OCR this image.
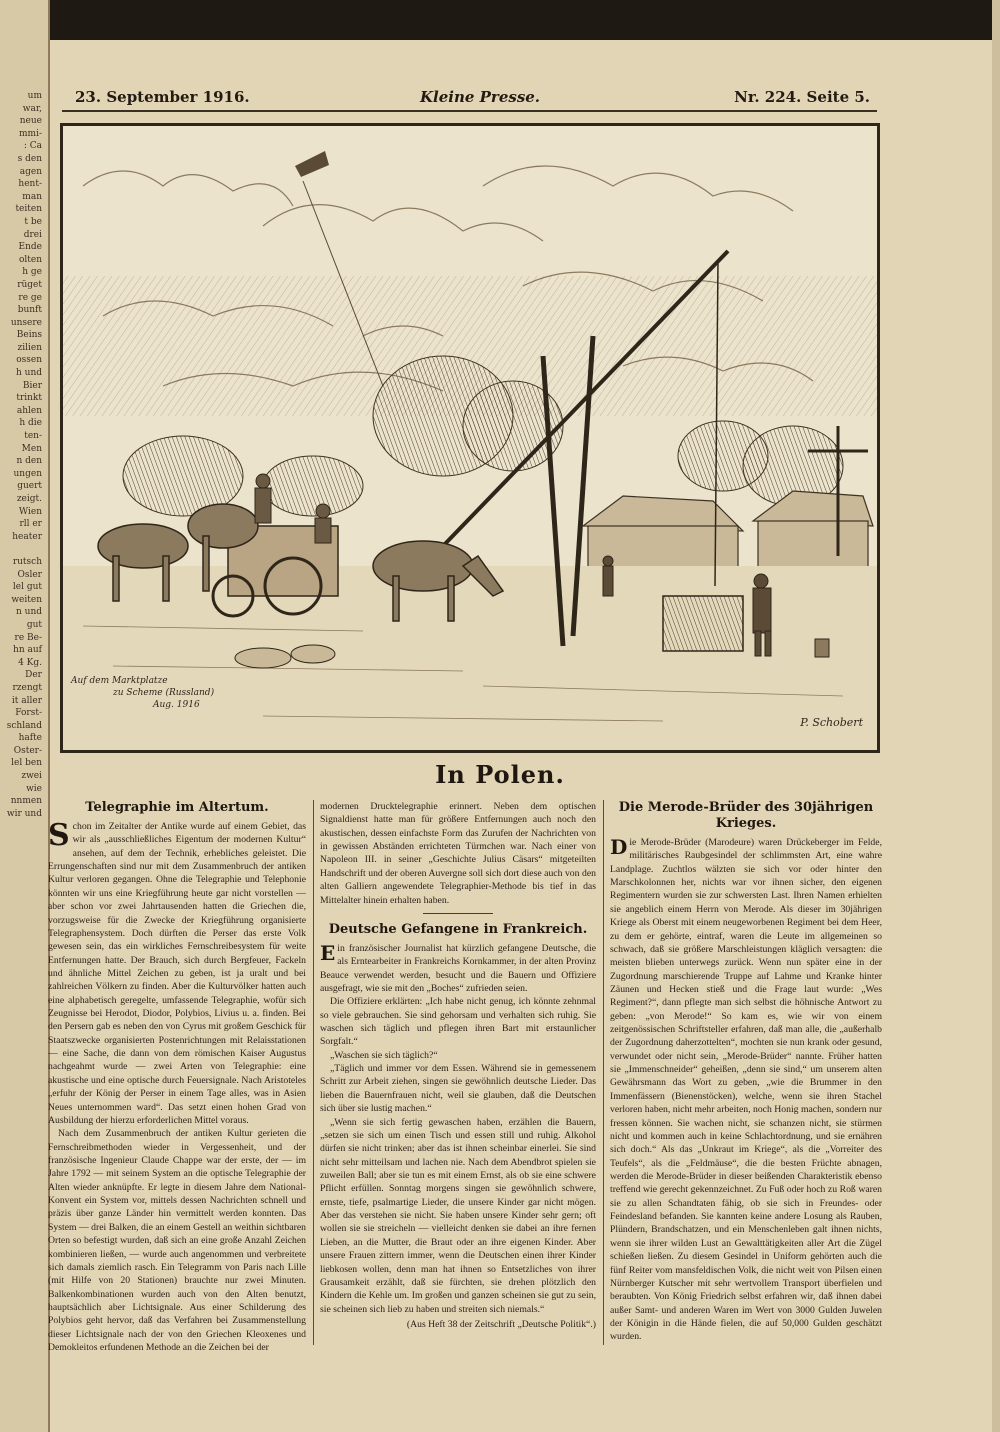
um
war,
neue
mmi-
: Ca
s den
agen
hent-
man
teiten
t be
drei
Ende
olten
h ge
rüget
re ge
bunft
unsere
Beins
zilien
ossen
h und
Bier
trinkt
ahlen
h die
ten-
Men
n den
ungen
guert
zeigt.
Wien
rll er
heater

rutsch
Osler
lel gut
weiten
n und
gut
re Be-
hn auf
4 Kg.
Der
rzengt
it aller
Forst-
schland
hafte
Oster-
lel ben
zwei
wie
nnmen
wir und
23. September 1916.	Kleine Presse.	Nr. 224. Seite 5.
Auf dem Marktplatze
zu Scheme (Russland)
Aug. 1916
P. Schobert
In Polen.
Telegraphie im Altertum.

Schon im Zeitalter der Antike wurde auf einem Gebiet, das wir als „ausschließliches Eigentum der modernen Kultur“ ansehen, auf dem der Technik, erhebliches geleistet. Die Errungenschaften sind nur mit dem Zusammenbruch der antiken Kultur verloren gegangen. Ohne die Telegraphie und Telephonie könnten wir uns eine Kriegführung heute gar nicht vorstellen — aber schon vor zwei Jahrtausenden hatten die Griechen die, vorzugsweise für die Zwecke der Kriegführung organisierte Telegraphensystem. Doch dürften die Perser das erste Volk gewesen sein, das ein wirkliches Fernschreibesystem für weite Entfernungen hatte. Der Brauch, sich durch Bergfeuer, Fackeln und ähnliche Mittel Zeichen zu geben, ist ja uralt und bei zahlreichen Völkern zu finden. Aber die Kulturvölker hatten auch eine alphabetisch geregelte, umfassende Telegraphie, wofür sich Zeugnisse bei Herodot, Diodor, Polybios, Livius u. a. finden. Bei den Persern gab es neben den von Cyrus mit großem Geschick für Staatszwecke organisierten Postenrichtungen mit Relaisstationen — eine Sache, die dann von dem römischen Kaiser Augustus nachgeahmt wurde — zwei Arten von Telegraphie: eine akustische und eine optische durch Feuersignale. Nach Aristoteles „erfuhr der König der Perser in einem Tage alles, was in Asien Neues unternommen ward“. Das setzt einen hohen Grad von Ausbildung der hierzu erforderlichen Mittel voraus.

Nach dem Zusammenbruch der antiken Kultur gerieten die Fernschreibmethoden wieder in Vergessenheit, und der französische Ingenieur Claude Chappe war der erste, der — im Jahre 1792 — mit seinem System an die optische Telegraphie der Alten wieder anknüpfte. Er legte in diesem Jahre dem National-Konvent ein System vor, mittels dessen Nachrichten schnell und präzis über ganze Länder hin vermittelt werden konnten. Das System — drei Balken, die an einem Gestell an weithin sichtbaren Orten so befestigt wurden, daß sich an eine große Anzahl Zeichen kombinieren ließen, — wurde auch angenommen und verbreitete sich damals ziemlich rasch. Ein Telegramm von Paris nach Lille (mit Hilfe von 20 Stationen) brauchte nur zwei Minuten. Balkenkombinationen wurden auch von den Alten benutzt, hauptsächlich aber Lichtsignale. Aus einer Schilderung des Polybios geht hervor, daß das Verfahren bei Zusammenstellung dieser Lichtsignale nach der von den Griechen Kleoxenes und Demokleitos erfundenen Methode an die Zeichen bei der

modernen Drucktelegraphie erinnert. Neben dem optischen Signaldienst hatte man für größere Entfernungen auch noch den akustischen, dessen einfachste Form das Zurufen der Nachrichten von in gewissen Abständen errichteten Türmchen war. Nach einer von Napoleon III. in seiner „Geschichte Julius Cäsars“ mitgeteilten Handschrift und der oberen Auvergne soll sich dort diese auch von den alten Galliern angewendete Telegraphier-Methode bis tief in das Mittelalter hinein erhalten haben.

Deutsche Gefangene in Frankreich.

Ein französischer Journalist hat kürzlich gefangene Deutsche, die als Erntearbeiter in Frankreichs Kornkammer, in der alten Provinz Beauce verwendet werden, besucht und die Bauern und Offiziere ausgefragt, wie sie mit den „Boches“ zufrieden seien.

Die Offiziere erklärten: „Ich habe nicht genug, ich könnte zehnmal so viele gebrauchen. Sie sind gehorsam und verhalten sich ruhig. Sie waschen sich täglich und pflegen ihren Bart mit erstaunlicher Sorgfalt.“

„Waschen sie sich täglich?“

„Täglich und immer vor dem Essen. Während sie in gemessenem Schritt zur Arbeit ziehen, singen sie gewöhnlich deutsche Lieder. Das lieben die Bauernfrauen nicht, weil sie glauben, daß die Deutschen sich über sie lustig machen.“

„Wenn sie sich fertig gewaschen haben, erzählen die Bauern, „setzen sie sich um einen Tisch und essen still und ruhig. Alkohol dürfen sie nicht trinken; aber das ist ihnen scheinbar einerlei. Sie sind nicht sehr mitteilsam und lachen nie. Nach dem Abendbrot spielen sie zuweilen Ball; aber sie tun es mit einem Ernst, als ob sie eine schwere Pflicht erfüllen. Sonntag morgens singen sie gewöhnlich schwere, ernste, tiefe, psalmartige Lieder, die unsere Kinder gar nicht mögen. Aber das verstehen sie nicht. Sie haben unsere Kinder sehr gern; oft wollen sie sie streicheln — vielleicht denken sie dabei an ihre fernen Lieben, an die Mutter, die Braut oder an ihre eigenen Kinder. Aber unsere Frauen zittern immer, wenn die Deutschen einen ihrer Kinder liebkosen wollen, denn man hat ihnen so Entsetzliches von ihrer Grausamkeit erzählt, daß sie fürchten, sie drehen plötzlich den Kindern die Kehle um. Im großen und ganzen scheinen sie gut zu sein, sie scheinen sich lieb zu haben und streiten sich niemals.“

(Aus Heft 38 der Zeitschrift „Deutsche Politik“.)
Die Merode-Brüder des 30jährigen Krieges.

Die Merode-Brüder (Marodeure) waren Drückeberger im Felde, militärisches Raubgesindel der schlimmsten Art, eine wahre Landplage. Zuchtlos wälzten sie sich vor oder hinter den Marschkolonnen her, nichts war vor ihnen sicher, den eigenen Regimentern wurden sie zur schwersten Last. Ihren Namen erhielten sie angeblich einem Herrn von Merode. Als dieser im 30jährigen Kriege als Oberst mit einem neugeworbenen Regiment bei dem Heer, zu dem er gehörte, eintraf, waren die Leute im allgemeinen so schwach, daß sie größere Marschleistungen kläglich versagten: die meisten blieben unterwegs zurück. Wenn nun später eine in der Zugordnung marschierende Truppe auf Lahme und Kranke hinter Zäunen und Hecken stieß und die Frage laut wurde: „Wes Regiment?“, dann pflegte man sich selbst die höhnische Antwort zu geben: „von Merode!“ So kam es, wie wir von einem zeitgenössischen Schriftsteller erfahren, daß man alle, die „außerhalb der Zugordnung daherzottelten“, mochten sie nun krank oder gesund, verwundet oder nicht sein, „Merode-Brüder“ nannte. Früher hatten sie „Immenschneider“ geheißen, „denn sie sind,“ um unserem alten Gewährsmann das Wort zu geben, „wie die Brummer in den Immenfässern (Bienenstöcken), welche, wenn sie ihren Stachel verloren haben, nicht mehr arbeiten, noch Honig machen, sondern nur fressen können. Sie wachen nicht, sie schanzen nicht, sie stürmen nicht und kommen auch in keine Schlachtordnung, und sie ernähren sich doch.“ Als das „Unkraut im Kriege“, als die „Vorreiter des Teufels“, als die „Feldmäuse“, die die besten Früchte abnagen, werden die Merode-Brüder in dieser beißenden Charakteristik ebenso treffend wie gerecht gekennzeichnet. Zu Fuß oder hoch zu Roß waren sie zu allen Schandtaten fähig, ob sie sich in Freundes- oder Feindesland befanden. Sie kannten keine andere Losung als Rauben, Plündern, Brandschatzen, und ein Menschenleben galt ihnen nichts, wenn sie ihrer wilden Lust an Gewalttätigkeiten aller Art die Zügel schießen ließen. Zu diesem Gesindel in Uniform gehörten auch die fünf Reiter vom mansfeldischen Volk, die nicht weit von Pilsen einen Nürnberger Kutscher mit sehr wertvollem Transport überfielen und beraubten. Von König Friedrich selbst erfahren wir, daß ihnen dabei außer Samt- und anderen Waren im Wert von 3000 Gulden Juwelen der Königin in die Hände fielen, die auf 50,000 Gulden geschätzt wurden.
